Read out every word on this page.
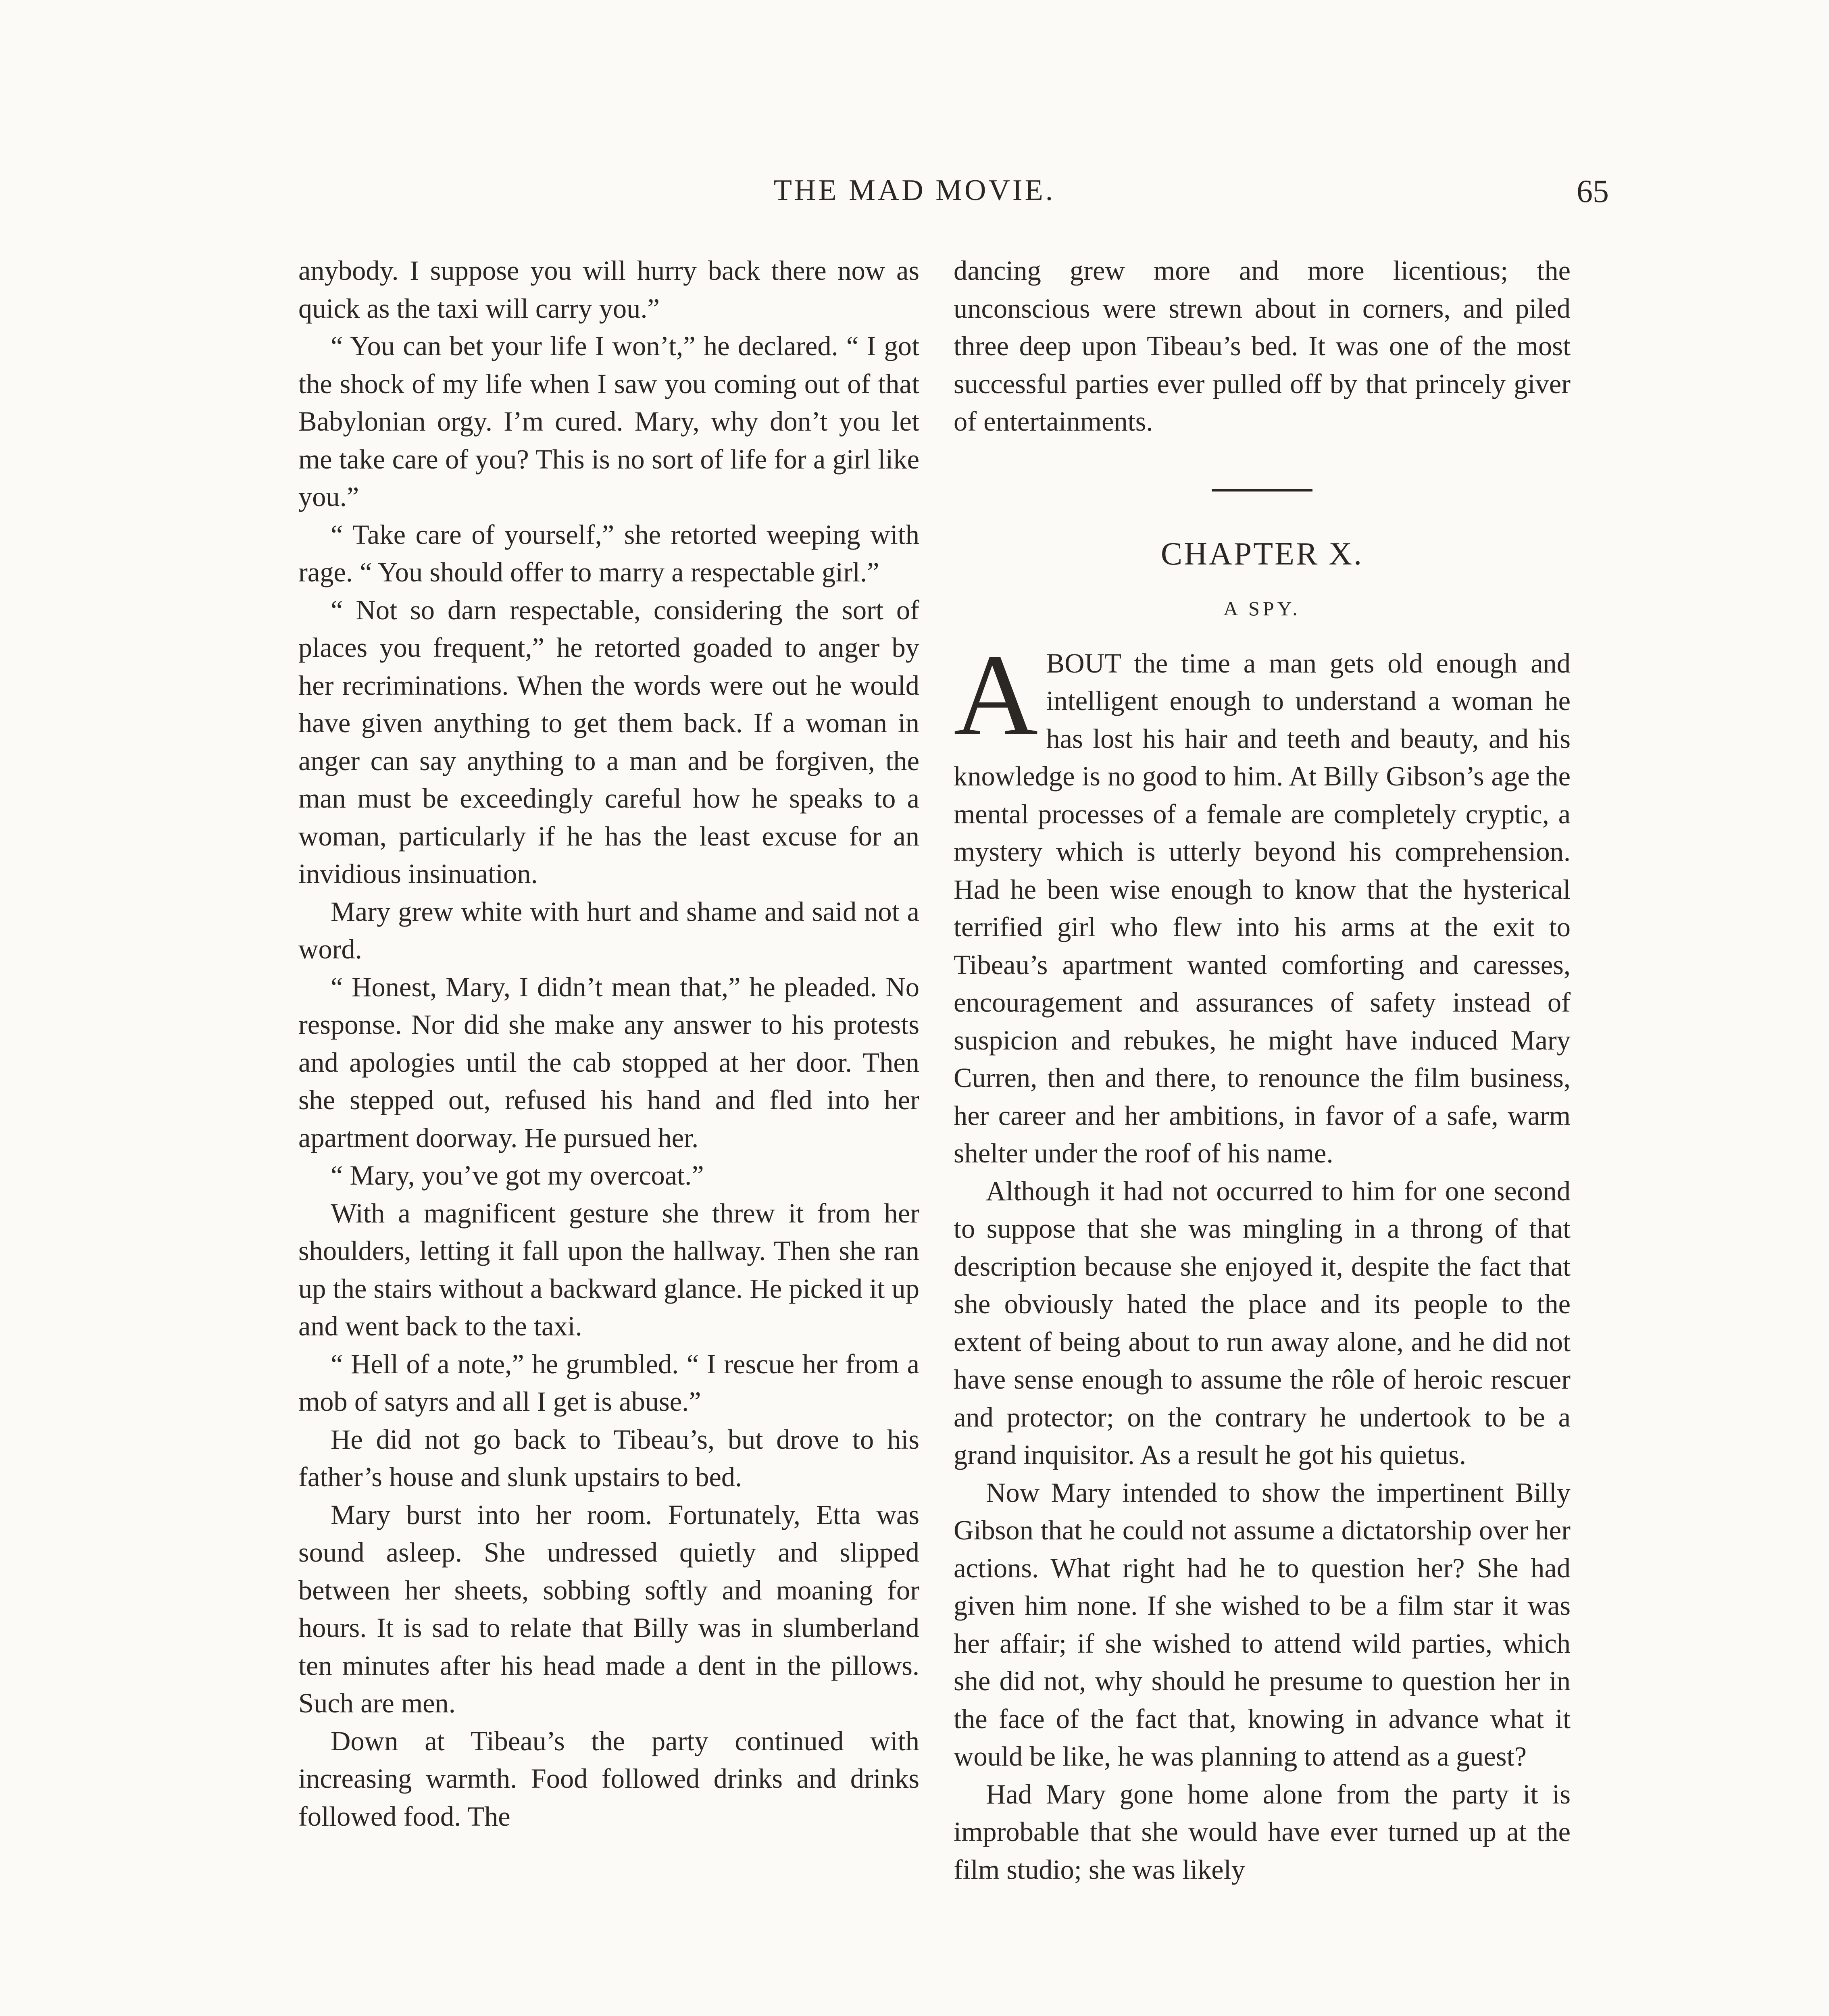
THE MAD MOVIE.	65

anybody. I suppose you will hurry back there now as quick as the taxi will carry you.”

“ You can bet your life I won’t,” he declared. “ I got the shock of my life when I saw you coming out of that Babylonian orgy. I’m cured. Mary, why don’t you let me take care of you? This is no sort of life for a girl like you.”

“ Take care of yourself,” she retorted weeping with rage. “ You should offer to marry a respectable girl.”

“ Not so darn respectable, considering the sort of places you frequent,” he retorted goaded to anger by her recriminations. When the words were out he would have given anything to get them back. If a woman in anger can say anything to a man and be forgiven, the man must be exceedingly careful how he speaks to a woman, particularly if he has the least excuse for an invidious insinuation.

Mary grew white with hurt and shame and said not a word.

“ Honest, Mary, I didn’t mean that,” he pleaded. No response. Nor did she make any answer to his protests and apologies until the cab stopped at her door. Then she stepped out, refused his hand and fled into her apartment doorway. He pursued her.

“ Mary, you’ve got my overcoat.”

With a magnificent gesture she threw it from her shoulders, letting it fall upon the hallway. Then she ran up the stairs without a backward glance. He picked it up and went back to the taxi.

“ Hell of a note,” he grumbled. “ I rescue her from a mob of satyrs and all I get is abuse.”

He did not go back to Tibeau’s, but drove to his father’s house and slunk upstairs to bed.

Mary burst into her room. Fortunately, Etta was sound asleep. She undressed quietly and slipped between her sheets, sobbing softly and moaning for hours. It is sad to relate that Billy was in slumberland ten minutes after his head made a dent in the pillows. Such are men.

Down at Tibeau’s the party continued with increasing warmth. Food followed drinks and drinks followed food. The

dancing grew more and more licentious; the unconscious were strewn about in corners, and piled three deep upon Tibeau’s bed. It was one of the most successful parties ever pulled off by that princely giver of entertainments.

CHAPTER X.
A SPY.

ABOUT the time a man gets old enough and intelligent enough to understand a woman he has lost his hair and teeth and beauty, and his knowledge is no good to him. At Billy Gibson’s age the mental processes of a female are completely cryptic, a mystery which is utterly beyond his comprehension. Had he been wise enough to know that the hysterical terrified girl who flew into his arms at the exit to Tibeau’s apartment wanted comforting and caresses, encouragement and assurances of safety instead of suspicion and rebukes, he might have induced Mary Curren, then and there, to renounce the film business, her career and her ambitions, in favor of a safe, warm shelter under the roof of his name.

Although it had not occurred to him for one second to suppose that she was mingling in a throng of that description because she enjoyed it, despite the fact that she obviously hated the place and its people to the extent of being about to run away alone, and he did not have sense enough to assume the rôle of heroic rescuer and protector; on the contrary he undertook to be a grand inquisitor. As a result he got his quietus.

Now Mary intended to show the impertinent Billy Gibson that he could not assume a dictatorship over her actions. What right had he to question her? She had given him none. If she wished to be a film star it was her affair; if she wished to attend wild parties, which she did not, why should he presume to question her in the face of the fact that, knowing in advance what it would be like, he was planning to attend as a guest?

Had Mary gone home alone from the party it is improbable that she would have ever turned up at the film studio; she was likely
